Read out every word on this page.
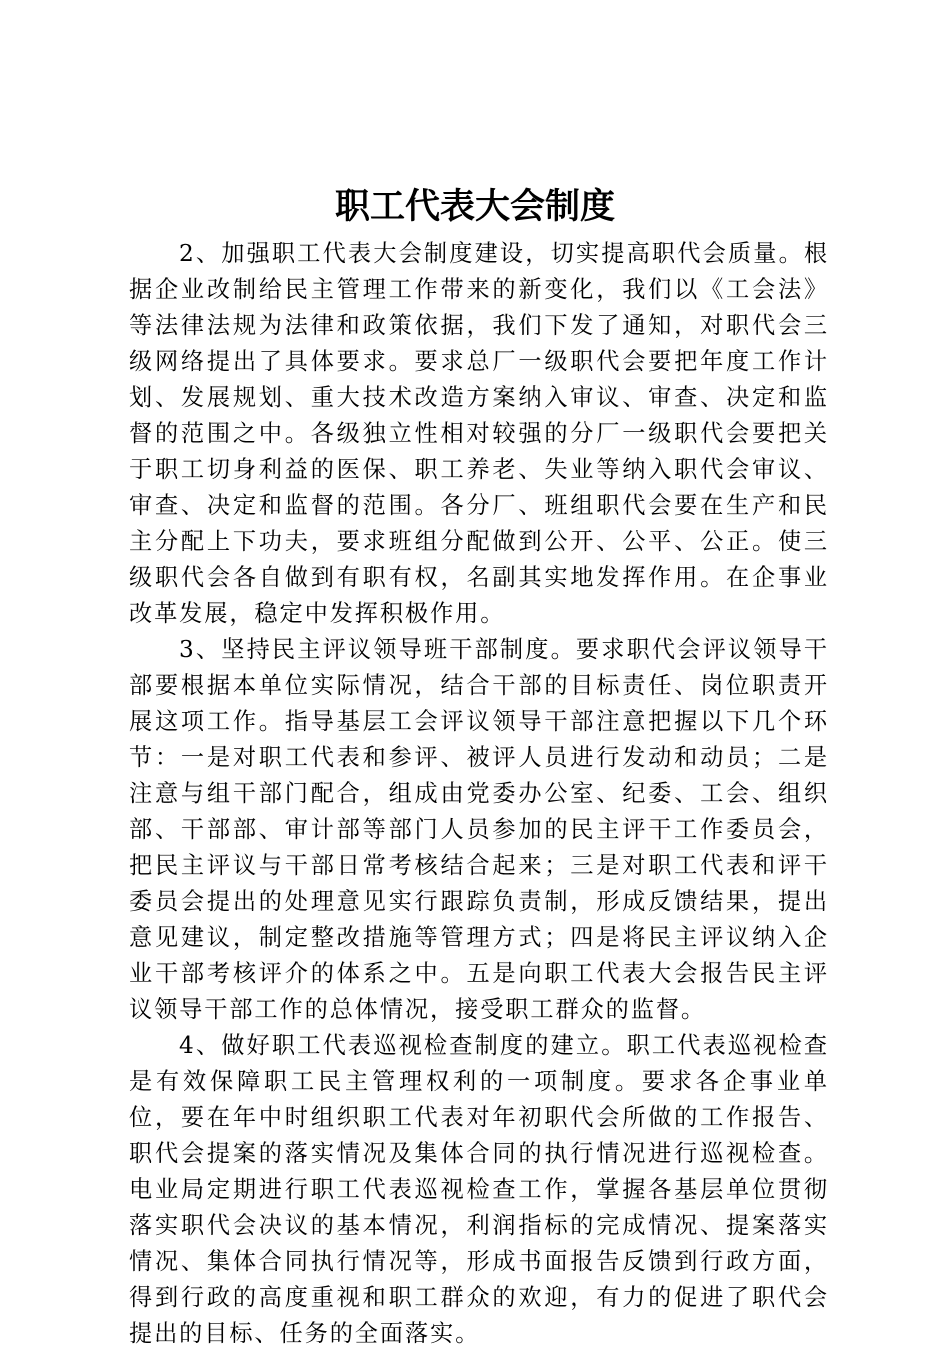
职工代表大会制度

2、加强职工代表大会制度建设，切实提高职代会质量。根据企业改制给民主管理工作带来的新变化，我们以《工会法》等法律法规为法律和政策依据，我们下发了通知，对职代会三级网络提出了具体要求。要求总厂一级职代会要把年度工作计划、发展规划、重大技术改造方案纳入审议、审查、决定和监督的范围之中。各级独立性相对较强的分厂一级职代会要把关于职工切身利益的医保、职工养老、失业等纳入职代会审议、审查、决定和监督的范围。各分厂、班组职代会要在生产和民主分配上下功夫，要求班组分配做到公开、公平、公正。使三级职代会各自做到有职有权，名副其实地发挥作用。在企事业改革发展，稳定中发挥积极作用。

3、坚持民主评议领导班干部制度。要求职代会评议领导干部要根据本单位实际情况，结合干部的目标责任、岗位职责开展这项工作。指导基层工会评议领导干部注意把握以下几个环节：一是对职工代表和参评、被评人员进行发动和动员；二是注意与组干部门配合，组成由党委办公室、纪委、工会、组织部、干部部、审计部等部门人员参加的民主评干工作委员会，把民主评议与干部日常考核结合起来；三是对职工代表和评干委员会提出的处理意见实行跟踪负责制，形成反馈结果，提出意见建议，制定整改措施等管理方式；四是将民主评议纳入企业干部考核评介的体系之中。五是向职工代表大会报告民主评议领导干部工作的总体情况，接受职工群众的监督。

4、做好职工代表巡视检查制度的建立。职工代表巡视检查是有效保障职工民主管理权利的一项制度。要求各企事业单位，要在年中时组织职工代表对年初职代会所做的工作报告、职代会提案的落实情况及集体合同的执行情况进行巡视检查。电业局定期进行职工代表巡视检查工作，掌握各基层单位贯彻落实职代会决议的基本情况，利润指标的完成情况、提案落实情况、集体合同执行情况等，形成书面报告反馈到行政方面，得到行政的高度重视和职工群众的欢迎，有力的促进了职代会提出的目标、任务的全面落实。
